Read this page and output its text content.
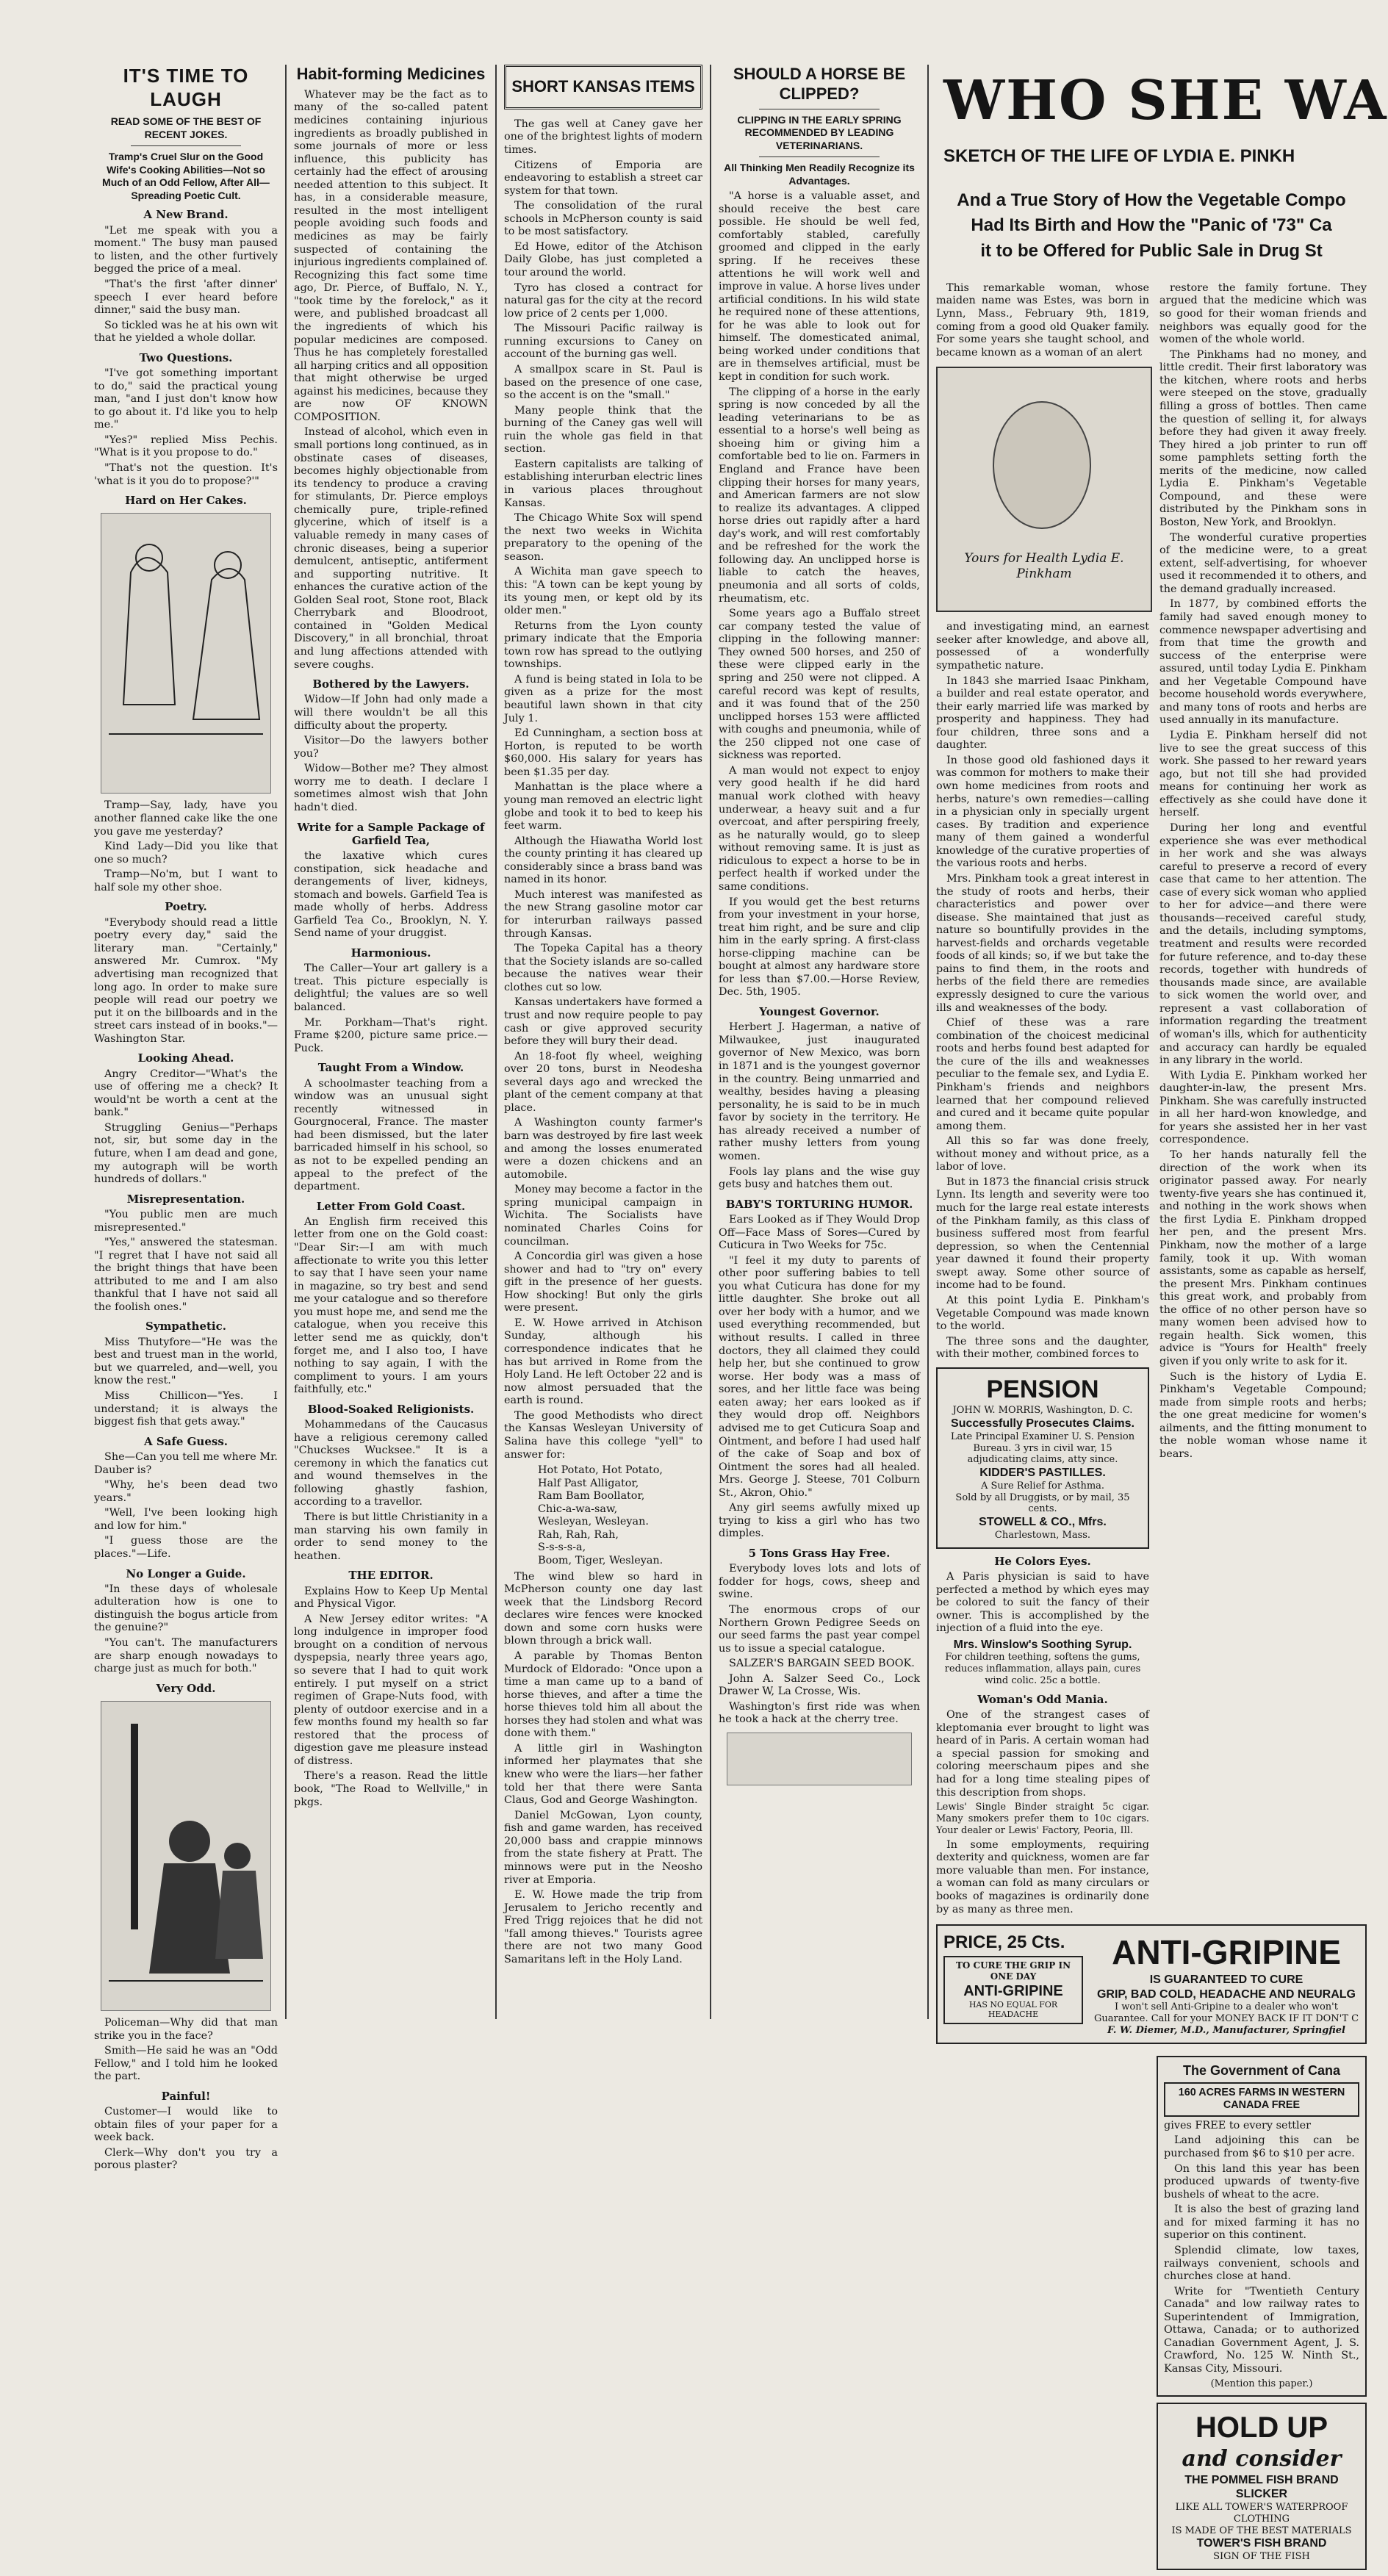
IT'S TIME TO LAUGH
READ SOME OF THE BEST OF RECENT JOKES.
Tramp's Cruel Slur on the Good Wife's Cooking Abilities—Not so Much of an Odd Fellow, After All—Spreading Poetic Cult.
A New Brand.

"Let me speak with you a moment." The busy man paused to listen, and the other furtively begged the price of a meal.

"That's the first 'after dinner' speech I ever heard before dinner," said the busy man.

So tickled was he at his own wit that he yielded a whole dollar.

Two Questions.

"I've got something important to do," said the practical young man, "and I just don't know how to go about it. I'd like you to help me."

"Yes?" replied Miss Pechis. "What is it you propose to do."

"That's not the question. It's 'what is it you do to propose?'"

Hard on Her Cakes.

Tramp—Say, lady, have you another flanned cake like the one you gave me yesterday?

Kind Lady—Did you like that one so much?

Tramp—No'm, but I want to half sole my other shoe.

Poetry.

"Everybody should read a little poetry every day," said the literary man. "Certainly," answered Mr. Cumrox. "My advertising man recognized that long ago. In order to make sure people will read our poetry we put it on the billboards and in the street cars instead of in books."—Washington Star.

Looking Ahead.

Angry Creditor—"What's the use of offering me a check? It would'nt be worth a cent at the bank."

Struggling Genius—"Perhaps not, sir, but some day in the future, when I am dead and gone, my autograph will be worth hundreds of dollars."

Misrepresentation.

"You public men are much misrepresented."

"Yes," answered the statesman. "I regret that I have not said all the bright things that have been attributed to me and I am also thankful that I have not said all the foolish ones."

Sympathetic.

Miss Thutyfore—"He was the best and truest man in the world, but we quarreled, and—well, you know the rest."

Miss Chillicon—"Yes. I understand; it is always the biggest fish that gets away."

A Safe Guess.

She—Can you tell me where Mr. Dauber is?

"Why, he's been dead two years."

"Well, I've been looking high and low for him."

"I guess those are the places."—Life.

No Longer a Guide.

"In these days of wholesale adulteration how is one to distinguish the bogus article from the genuine?"

"You can't. The manufacturers are sharp enough nowadays to charge just as much for both."

Very Odd.

Policeman—Why did that man strike you in the face?

Smith—He said he was an "Odd Fellow," and I told him he looked the part.

Painful!

Customer—I would like to obtain files of your paper for a week back.

Clerk—Why don't you try a porous plaster?

Habit-forming Medicines

Whatever may be the fact as to many of the so-called patent medicines containing injurious ingredients as broadly published in some journals of more or less influence, this publicity has certainly had the effect of arousing needed attention to this subject. It has, in a considerable measure, resulted in the most intelligent people avoiding such foods and medicines as may be fairly suspected of containing the injurious ingredients complained of. Recognizing this fact some time ago, Dr. Pierce, of Buffalo, N. Y., "took time by the forelock," as it were, and published broadcast all the ingredients of which his popular medicines are composed. Thus he has completely forestalled all harping critics and all opposition that might otherwise be urged against his medicines, because they are now OF KNOWN COMPOSITION.

Instead of alcohol, which even in small portions long continued, as in obstinate cases of diseases, becomes highly objectionable from its tendency to produce a craving for stimulants, Dr. Pierce employs chemically pure, triple-refined glycerine, which of itself is a valuable remedy in many cases of chronic diseases, being a superior demulcent, antiseptic, antiferment and supporting nutritive. It enhances the curative action of the Golden Seal root, Stone root, Black Cherrybark and Bloodroot, contained in "Golden Medical Discovery," in all bronchial, throat and lung affections attended with severe coughs.

Bothered by the Lawyers.

Widow—If John had only made a will there wouldn't be all this difficulty about the property.

Visitor—Do the lawyers bother you?

Widow—Bother me? They almost worry me to death. I declare I sometimes almost wish that John hadn't died.

Write for a Sample Package of Garfield Tea,

the laxative which cures constipation, sick headache and derangements of liver, kidneys, stomach and bowels. Garfield Tea is made wholly of herbs. Address Garfield Tea Co., Brooklyn, N. Y. Send name of your druggist.

Harmonious.

The Caller—Your art gallery is a treat. This picture especially is delightful; the values are so well balanced.

Mr. Porkham—That's right. Frame $200, picture same price.—Puck.

Taught From a Window.

A schoolmaster teaching from a window was an unusual sight recently witnessed in Gourgnoceral, France. The master had been dismissed, but the later barricaded himself in his school, so as not to be expelled pending an appeal to the prefect of the department.

Letter From Gold Coast.

An English firm received this letter from one on the Gold coast: "Dear Sir:—I am with much affectionate to write you this letter to say that I have seen your name in magazine, so try best and send me your catalogue and so therefore you must hope me, and send me the catalogue, when you receive this letter send me as quickly, don't forget me, and I also too, I have nothing to say again, I with the compliment to yours. I am yours faithfully, etc."

Blood-Soaked Religionists.

Mohammedans of the Caucasus have a religious ceremony called "Chuckses Wucksee." It is a ceremony in which the fanatics cut and wound themselves in the following ghastly fashion, according to a travellor.

There is but little Christianity in a man starving his own family in order to send money to the heathen.

THE EDITOR.

Explains How to Keep Up Mental and Physical Vigor.

A New Jersey editor writes: "A long indulgence in improper food brought on a condition of nervous dyspepsia, nearly three years ago, so severe that I had to quit work entirely. I put myself on a strict regimen of Grape-Nuts food, with plenty of outdoor exercise and in a few months found my health so far restored that the process of digestion gave me pleasure instead of distress.

There's a reason. Read the little book, "The Road to Wellville," in pkgs.

SHORT KANSAS ITEMS

The gas well at Caney gave her one of the brightest lights of modern times.

Citizens of Emporia are endeavoring to establish a street car system for that town.

The consolidation of the rural schools in McPherson county is said to be most satisfactory.

Ed Howe, editor of the Atchison Daily Globe, has just completed a tour around the world.

Tyro has closed a contract for natural gas for the city at the record low price of 2 cents per 1,000.

The Missouri Pacific railway is running excursions to Caney on account of the burning gas well.

A smallpox scare in St. Paul is based on the presence of one case, so the accent is on the "small."

Many people think that the burning of the Caney gas well will ruin the whole gas field in that section.

Eastern capitalists are talking of establishing interurban electric lines in various places throughout Kansas.

The Chicago White Sox will spend the next two weeks in Wichita preparatory to the opening of the season.

A Wichita man gave speech to this: "A town can be kept young by its young men, or kept old by its older men."

Returns from the Lyon county primary indicate that the Emporia town row has spread to the outlying townships.

A fund is being stated in Iola to be given as a prize for the most beautiful lawn shown in that city July 1.

Ed Cunningham, a section boss at Horton, is reputed to be worth $60,000. His salary for years has been $1.35 per day.

Manhattan is the place where a young man removed an electric light globe and took it to bed to keep his feet warm.

Although the Hiawatha World lost the county printing it has cleared up considerably since a brass band was named in its honor.

Much interest was manifested as the new Strang gasoline motor car for interurban railways passed through Kansas.

The Topeka Capital has a theory that the Society islands are so-called because the natives wear their clothes cut so low.

Kansas undertakers have formed a trust and now require people to pay cash or give approved security before they will bury their dead.

An 18-foot fly wheel, weighing over 20 tons, burst in Neodesha several days ago and wrecked the plant of the cement company at that place.

A Washington county farmer's barn was destroyed by fire last week and among the losses enumerated were a dozen chickens and an automobile.

Money may become a factor in the spring municipal campaign in Wichita. The Socialists have nominated Charles Coins for councilman.

A Concordia girl was given a hose shower and had to "try on" every gift in the presence of her guests. How shocking! But only the girls were present.

E. W. Howe arrived in Atchison Sunday, although his correspondence indicates that he has but arrived in Rome from the Holy Land. He left October 22 and is now almost persuaded that the earth is round.

The good Methodists who direct the Kansas Wesleyan University of Salina have this college "yell" to answer for:

Hot Potato, Hot Potato,
Half Past Alligator,
Ram Bam Boollator,
Chic-a-wa-saw,
Wesleyan, Wesleyan.
Rah, Rah, Rah,
S-s-s-s-a,
Boom, Tiger, Wesleyan.

The wind blew so hard in McPherson county one day last week that the Lindsborg Record declares wire fences were knocked down and some corn husks were blown through a brick wall.

A parable by Thomas Benton Murdock of Eldorado: "Once upon a time a man came up to a band of horse thieves, and after a time the horse thieves told him all about the horses they had stolen and what was done with them."

A little girl in Washington informed her playmates that she knew who were the liars—her father told her that there were Santa Claus, God and George Washington.

Daniel McGowan, Lyon county, fish and game warden, has received 20,000 bass and crappie minnows from the state fishery at Pratt. The minnows were put in the Neosho river at Emporia.

E. W. Howe made the trip from Jerusalem to Jericho recently and Fred Trigg rejoices that he did not "fall among thieves." Tourists agree there are not two many Good Samaritans left in the Holy Land.

SHOULD A HORSE BE CLIPPED?
CLIPPING IN THE EARLY SPRING RECOMMENDED BY LEADING VETERINARIANS.
All Thinking Men Readily Recognize its Advantages.

"A horse is a valuable asset, and should receive the best care possible. He should be well fed, comfortably stabled, carefully groomed and clipped in the early spring. If he receives these attentions he will work well and improve in value. A horse lives under artificial conditions. In his wild state he required none of these attentions, for he was able to look out for himself. The domesticated animal, being worked under conditions that are in themselves artificial, must be kept in condition for such work.

The clipping of a horse in the early spring is now conceded by all the leading veterinarians to be as essential to a horse's well being as shoeing him or giving him a comfortable bed to lie on. Farmers in England and France have been clipping their horses for many years, and American farmers are not slow to realize its advantages. A clipped horse dries out rapidly after a hard day's work, and will rest comfortably and be refreshed for the work the following day. An unclipped horse is liable to catch the heaves, pneumonia and all sorts of colds, rheumatism, etc.

Some years ago a Buffalo street car company tested the value of clipping in the following manner: They owned 500 horses, and 250 of these were clipped early in the spring and 250 were not clipped. A careful record was kept of results, and it was found that of the 250 unclipped horses 153 were afflicted with coughs and pneumonia, while of the 250 clipped not one case of sickness was reported.

A man would not expect to enjoy very good health if he did hard manual work clothed with heavy underwear, a heavy suit and a fur overcoat, and after perspiring freely, as he naturally would, go to sleep without removing same. It is just as ridiculous to expect a horse to be in perfect health if worked under the same conditions.

If you would get the best returns from your investment in your horse, treat him right, and be sure and clip him in the early spring. A first-class horse-clipping machine can be bought at almost any hardware store for less than $7.00.—Horse Review, Dec. 5th, 1905.

Youngest Governor.

Herbert J. Hagerman, a native of Milwaukee, just inaugurated governor of New Mexico, was born in 1871 and is the youngest governor in the country. Being unmarried and wealthy, besides having a pleasing personality, he is said to be in much favor by society in the territory. He has already received a number of rather mushy letters from young women.

Fools lay plans and the wise guy gets busy and hatches them out.

BABY'S TORTURING HUMOR.

Ears Looked as if They Would Drop Off—Face Mass of Sores—Cured by Cuticura in Two Weeks for 75c.

"I feel it my duty to parents of other poor suffering babies to tell you what Cuticura has done for my little daughter. She broke out all over her body with a humor, and we used everything recommended, but without results. I called in three doctors, they all claimed they could help her, but she continued to grow worse. Her body was a mass of sores, and her little face was being eaten away; her ears looked as if they would drop off. Neighbors advised me to get Cuticura Soap and Ointment, and before I had used half of the cake of Soap and box of Ointment the sores had all healed. Mrs. George J. Steese, 701 Colburn St., Akron, Ohio."

Any girl seems awfully mixed up trying to kiss a girl who has two dimples.

5 Tons Grass Hay Free.

Everybody loves lots and lots of fodder for hogs, cows, sheep and swine.

The enormous crops of our Northern Grown Pedigree Seeds on our seed farms the past year compel us to issue a special catalogue.

SALZER'S BARGAIN SEED BOOK.

John A. Salzer Seed Co., Lock Drawer W, La Crosse, Wis.

Washington's first ride was when he took a hack at the cherry tree.

WHO SHE WA
SKETCH OF THE LIFE OF LYDIA E. PINKH
And a True Story of How the Vegetable Compo
Had Its Birth and How the "Panic of '73" Ca
it to be Offered for Public Sale in Drug St

This remarkable woman, whose maiden name was Estes, was born in Lynn, Mass., February 9th, 1819, coming from a good old Quaker family. For some years she taught school, and became known as a woman of an alert

Yours for Health Lydia E. Pinkham

and investigating mind, an earnest seeker after knowledge, and above all, possessed of a wonderfully sympathetic nature.

In 1843 she married Isaac Pinkham, a builder and real estate operator, and their early married life was marked by prosperity and happiness. They had four children, three sons and a daughter.

In those good old fashioned days it was common for mothers to make their own home medicines from roots and herbs, nature's own remedies—calling in a physician only in specially urgent cases. By tradition and experience many of them gained a wonderful knowledge of the curative properties of the various roots and herbs.

Mrs. Pinkham took a great interest in the study of roots and herbs, their characteristics and power over disease. She maintained that just as nature so bountifully provides in the harvest-fields and orchards vegetable foods of all kinds; so, if we but take the pains to find them, in the roots and herbs of the field there are remedies expressly designed to cure the various ills and weaknesses of the body.

Chief of these was a rare combination of the choicest medicinal roots and herbs found best adapted for the cure of the ills and weaknesses peculiar to the female sex, and Lydia E. Pinkham's friends and neighbors learned that her compound relieved and cured and it became quite popular among them.

All this so far was done freely, without money and without price, as a labor of love.

But in 1873 the financial crisis struck Lynn. Its length and severity were too much for the large real estate interests of the Pinkham family, as this class of business suffered most from fearful depression, so when the Centennial year dawned it found their property swept away. Some other source of income had to be found.

At this point Lydia E. Pinkham's Vegetable Compound was made known to the world.

The three sons and the daughter, with their mother, combined forces to

PENSION
JOHN W. MORRIS, Washington, D. C.
Successfully Prosecutes Claims.
Late Principal Examiner U. S. Pension Bureau. 3 yrs in civil war, 15 adjudicating claims, atty since.
KIDDER'S PASTILLES.
A Sure Relief for Asthma.
Sold by all Druggists, or by mail, 35 cents.
STOWELL & CO., Mfrs.
Charlestown, Mass.
He Colors Eyes.

A Paris physician is said to have perfected a method by which eyes may be colored to suit the fancy of their owner. This is accomplished by the injection of a fluid into the eye.

Mrs. Winslow's Soothing Syrup.
For children teething, softens the gums, reduces inflammation, allays pain, cures wind colic. 25c a bottle.
Woman's Odd Mania.

One of the strangest cases of kleptomania ever brought to light was heard of in Paris. A certain woman had a special passion for smoking and coloring meerschaum pipes and she had for a long time stealing pipes of this description from shops.

Lewis' Single Binder straight 5c cigar. Many smokers prefer them to 10c cigars. Your dealer or Lewis' Factory, Peoria, Ill.

In some employments, requiring dexterity and quickness, women are far more valuable than men. For instance, a woman can fold as many circulars or books of magazines is ordinarily done by as many as three men.

restore the family fortune. They argued that the medicine which was so good for their woman friends and neighbors was equally good for the women of the whole world.

The Pinkhams had no money, and little credit. Their first laboratory was the kitchen, where roots and herbs were steeped on the stove, gradually filling a gross of bottles. Then came the question of selling it, for always before they had given it away freely. They hired a job printer to run off some pamphlets setting forth the merits of the medicine, now called Lydia E. Pinkham's Vegetable Compound, and these were distributed by the Pinkham sons in Boston, New York, and Brooklyn.

The wonderful curative properties of the medicine were, to a great extent, self-advertising, for whoever used it recommended it to others, and the demand gradually increased.

In 1877, by combined efforts the family had saved enough money to commence newspaper advertising and from that time the growth and success of the enterprise were assured, until today Lydia E. Pinkham and her Vegetable Compound have become household words everywhere, and many tons of roots and herbs are used annually in its manufacture.

Lydia E. Pinkham herself did not live to see the great success of this work. She passed to her reward years ago, but not till she had provided means for continuing her work as effectively as she could have done it herself.

During her long and eventful experience she was ever methodical in her work and she was always careful to preserve a record of every case that came to her attention. The case of every sick woman who applied to her for advice—and there were thousands—received careful study, and the details, including symptoms, treatment and results were recorded for future reference, and to-day these records, together with hundreds of thousands made since, are available to sick women the world over, and represent a vast collaboration of information regarding the treatment of woman's ills, which for authenticity and accuracy can hardly be equaled in any library in the world.

With Lydia E. Pinkham worked her daughter-in-law, the present Mrs. Pinkham. She was carefully instructed in all her hard-won knowledge, and for years she assisted her in her vast correspondence.

To her hands naturally fell the direction of the work when its originator passed away. For nearly twenty-five years she has continued it, and nothing in the work shows when the first Lydia E. Pinkham dropped her pen, and the present Mrs. Pinkham, now the mother of a large family, took it up. With woman assistants, some as capable as herself, the present Mrs. Pinkham continues this great work, and probably from the office of no other person have so many women been advised how to regain health. Sick women, this advice is "Yours for Health" freely given if you only write to ask for it.

Such is the history of Lydia E. Pinkham's Vegetable Compound; made from simple roots and herbs; the one great medicine for women's ailments, and the fitting monument to the noble woman whose name it bears.

PRICE, 25 Cts.
TO CURE THE GRIP IN ONE DAY
ANTI-GRIPINE
HAS NO EQUAL FOR HEADACHE
ANTI-GRIPINE
IS GUARANTEED TO CURE
GRIP, BAD COLD, HEADACHE AND NEURALG
I won't sell Anti-Gripine to a dealer who won't Guarantee. Call for your MONEY BACK IF IT DON'T C
F. W. Diemer, M.D., Manufacturer, Springfiel
The Government of Cana
160 ACRES FARMS IN WESTERN CANADA FREE

gives FREE to every settler

Land adjoining this can be purchased from $6 to $10 per acre.

On this land this year has been produced upwards of twenty-five bushels of wheat to the acre.

It is also the best of grazing land and for mixed farming it has no superior on this continent.

Splendid climate, low taxes, railways convenient, schools and churches close at hand.

Write for "Twentieth Century Canada" and low railway rates to Superintendent of Immigration, Ottawa, Canada; or to authorized Canadian Government Agent, J. S. Crawford, No. 125 W. Ninth St., Kansas City, Missouri.

(Mention this paper.)
HOLD UP
and consider
THE POMMEL FISH BRAND SLICKER
LIKE ALL TOWER'S WATERPROOF CLOTHING
IS MADE OF THE BEST MATERIALS
TOWER'S FISH BRAND
SIGN OF THE FISH
